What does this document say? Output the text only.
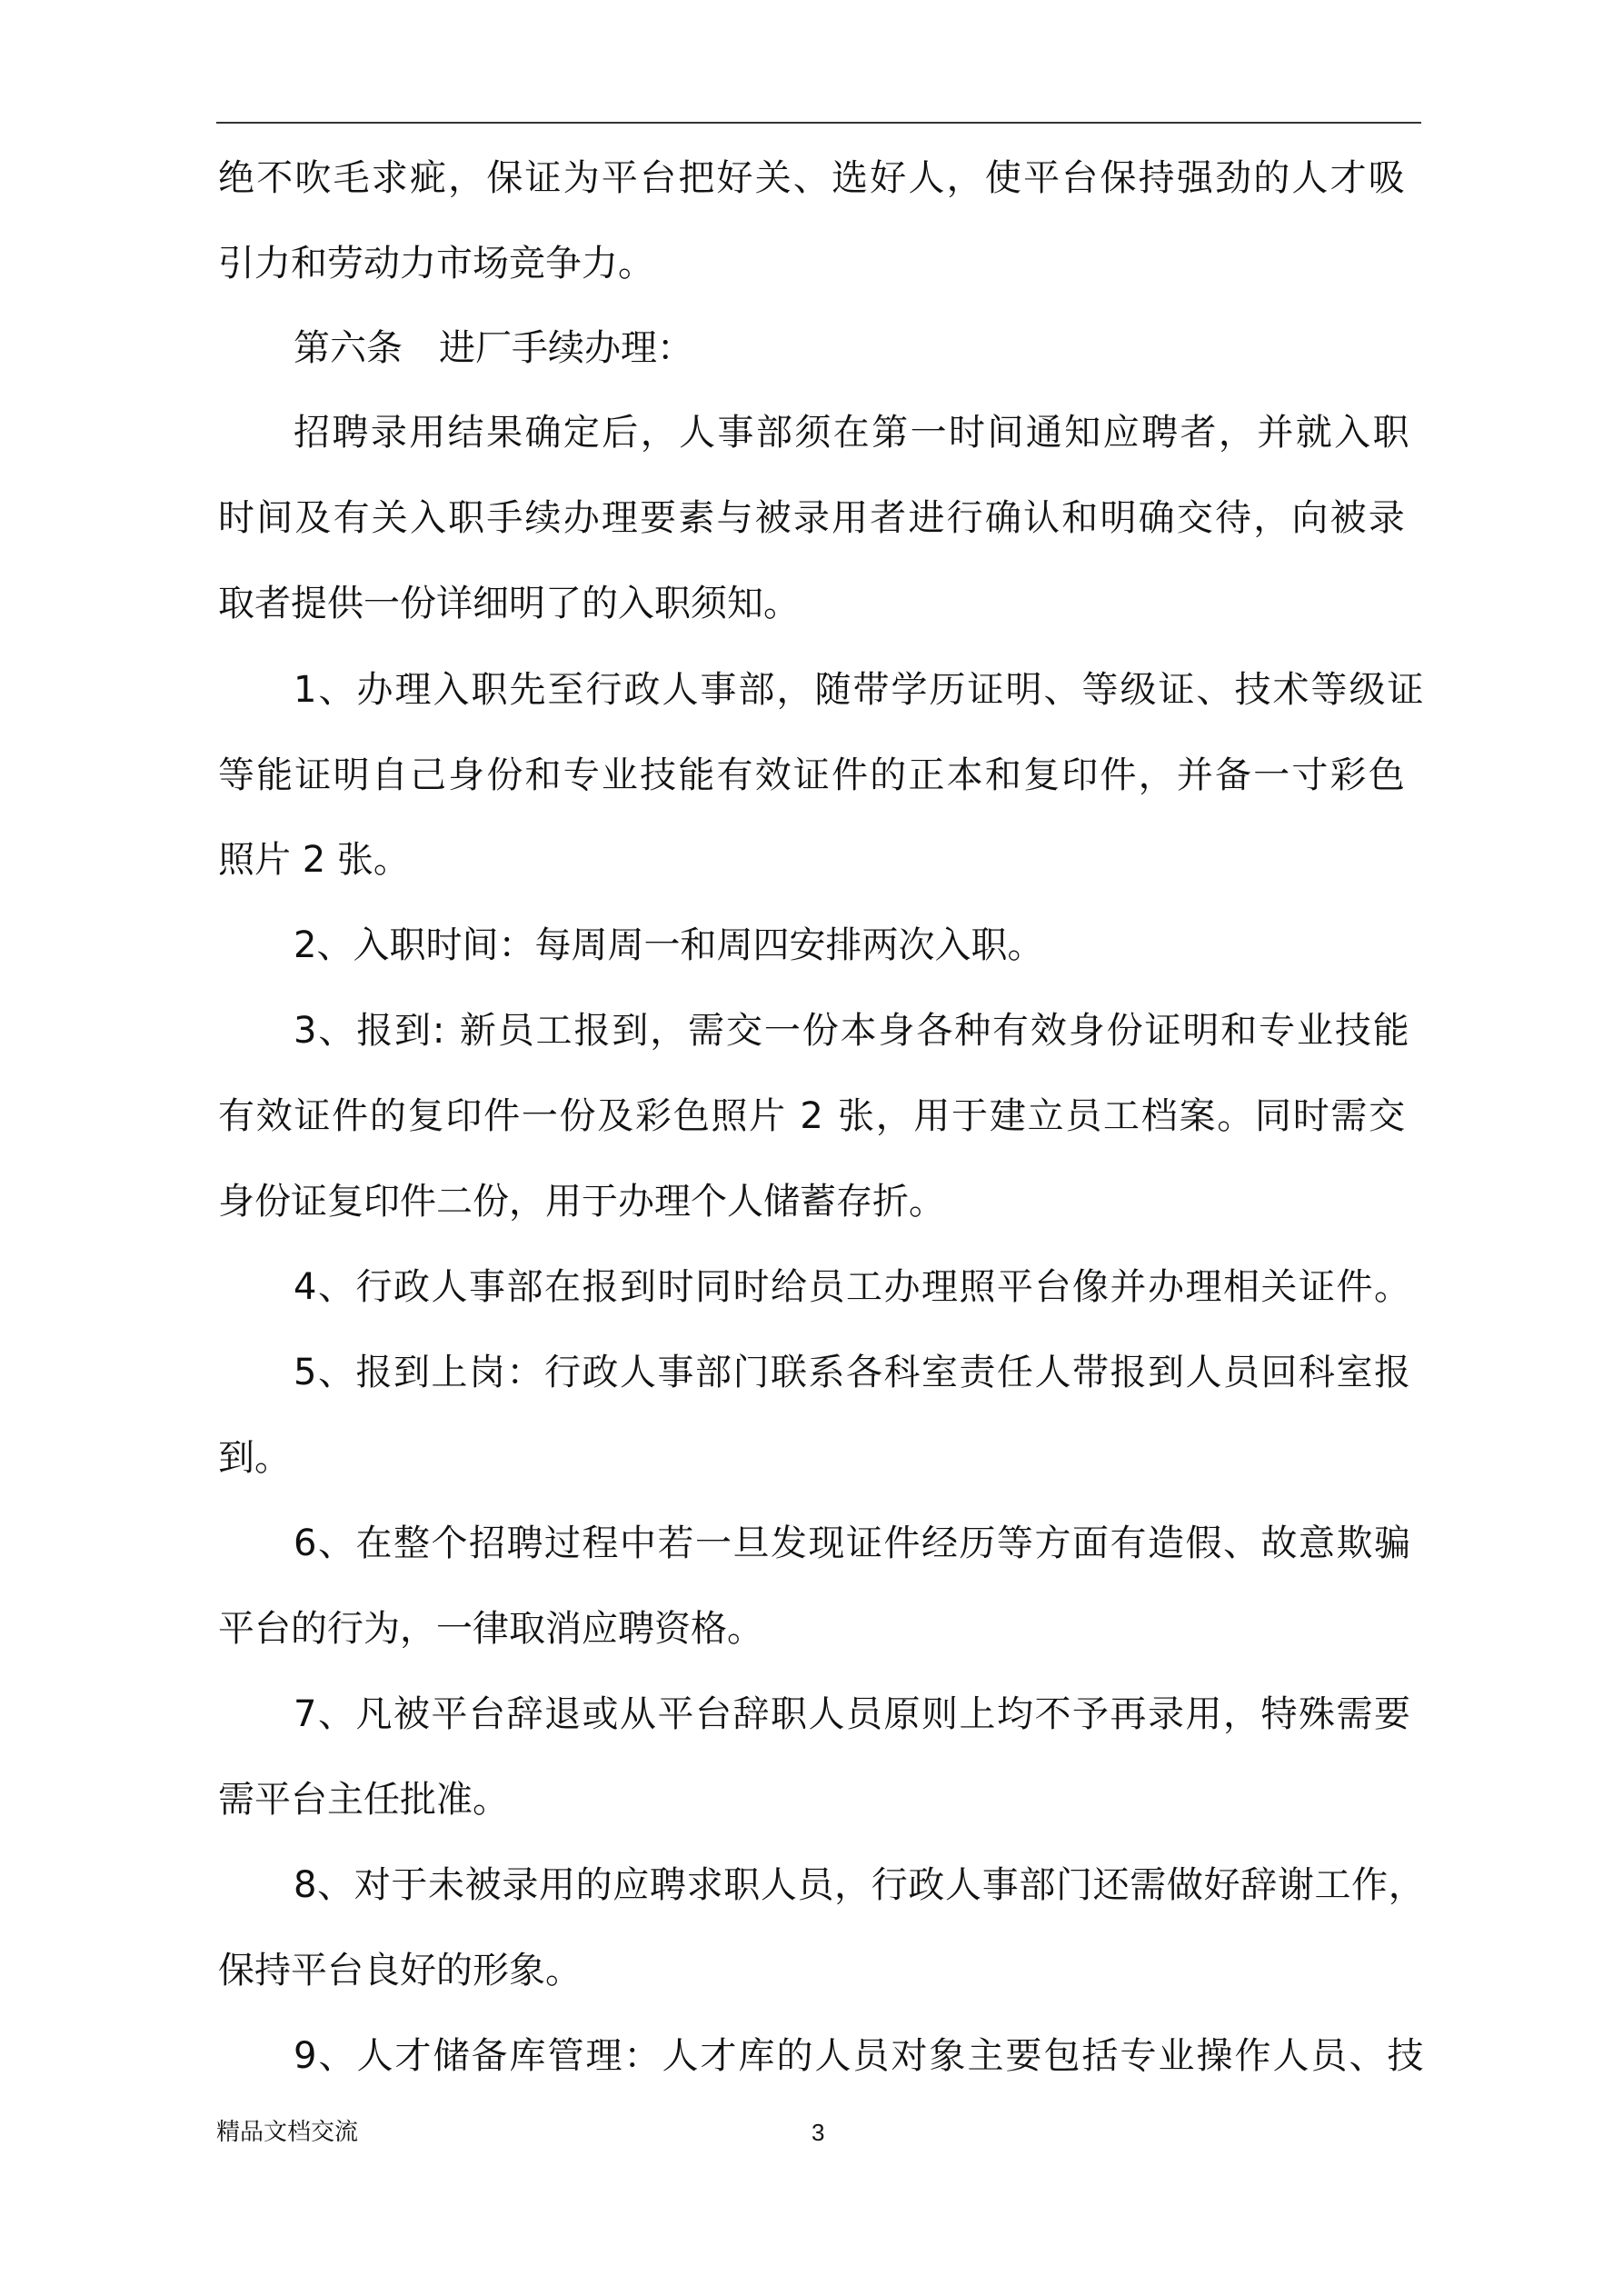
绝不吹毛求疵，保证为平台把好关、选好人，使平台保持强劲的人才吸

引力和劳动力市场竞争力。

第六条　进厂手续办理：

招聘录用结果确定后，人事部须在第一时间通知应聘者，并就入职

时间及有关入职手续办理要素与被录用者进行确认和明确交待，向被录

取者提供一份详细明了的入职须知。

1、办理入职先至行政人事部，随带学历证明、等级证、技术等级证

等能证明自己身份和专业技能有效证件的正本和复印件，并备一寸彩色

照片 2 张。

2、入职时间：每周周一和周四安排两次入职。

3、报到: 新员工报到，需交一份本身各种有效身份证明和专业技能

有效证件的复印件一份及彩色照片 2 张，用于建立员工档案。同时需交

身份证复印件二份，用于办理个人储蓄存折。

4、行政人事部在报到时同时给员工办理照平台像并办理相关证件。

5、报到上岗：行政人事部门联系各科室责任人带报到人员回科室报

到。

6、在整个招聘过程中若一旦发现证件经历等方面有造假、故意欺骗

平台的行为，一律取消应聘资格。

7、凡被平台辞退或从平台辞职人员原则上均不予再录用，特殊需要

需平台主任批准。

8、对于未被录用的应聘求职人员，行政人事部门还需做好辞谢工作，

保持平台良好的形象。

9、人才储备库管理：人才库的人员对象主要包括专业操作人员、技

精品文档交流	3
